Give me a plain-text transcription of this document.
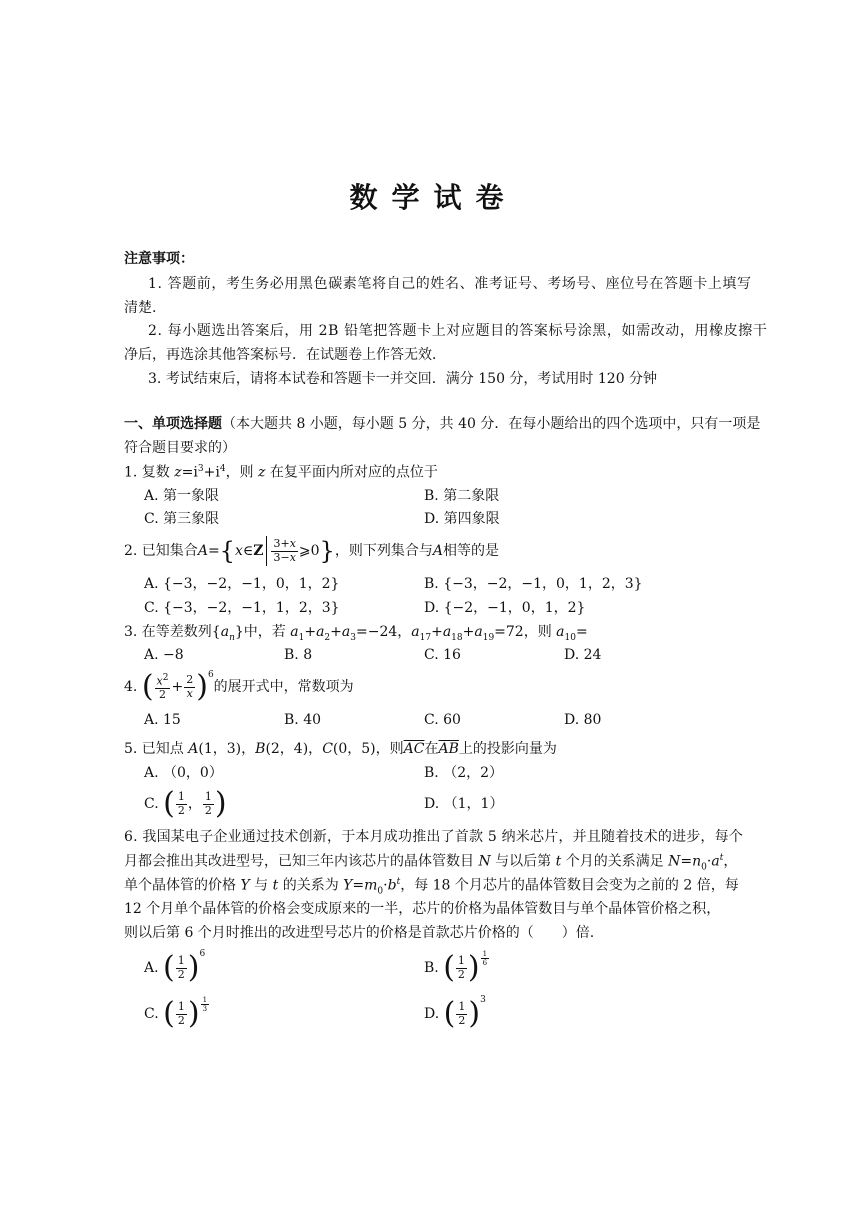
数学试卷
注意事项：
1. 答题前，考生务必用黑色碳素笔将自己的姓名、准考证号、考场号、座位号在答题卡上填写
清楚.
2. 每小题选出答案后，用 2B 铅笔把答题卡上对应题目的答案标号涂黑，如需改动，用橡皮擦干
净后，再选涂其他答案标号．在试题卷上作答无效．
3. 考试结束后，请将本试卷和答题卡一并交回．满分 150 分，考试用时 120 分钟
一、单项选择题（本大题共 8 小题，每小题 5 分，共 40 分．在每小题给出的四个选项中，只有一项是
符合题目要求的）
1. 复数 $z=i^3+i^4$，则 z 在复平面内所对应的点位于
A. 第一象限	B. 第二象限
C. 第三象限	D. 第四象限
2. 已知集合 A = { x ∈ Z $\frac{3+x}{3-x}$ ⩾0 } ，则下列集合与 A 相等的是
A. {−3，−2，−1，0，1，2}	B. {−3，−2，−1，0，1，2，3}
C. {−3，−2，−1，1，2，3}	D. {−2，−1，0，1，2}
3. 在等差数列$\{a_n\}$中，若 $a_1+a_2+a_3=-24$，$a_{17}+a_{18}+a_{19}=72$，则 $a_{10}=$
A. −8	B. 8	C. 16	D. 24
4.
( $\frac{x^2}{2} + \frac{2}{x} )^6$
的展开式中，常数项为
A. 15	B. 40	C. 60	D. 80
5. 已知点 A(1，3)，B(2，4)，C(0，5)，则$\overline{AC}$在$\overline{AB}$上的投影向量为
A. （0，0）	B. （2，2）
C.
( $\frac{1}{2}$ ， $\frac{1}{2}$ )	D. （1，1）
6. 我国某电子企业通过技术创新，于本月成功推出了首款 5 纳米芯片，并且随着技术的进步，每个
月都会推出其改进型号，已知三年内该芯片的晶体管数目 N 与以后第 t 个月的关系满足 $N=n_0\cdot a^t$，
单个晶体管的价格 Y 与 t 的关系为 $Y=m_0\cdot b^t$，每 18 个月芯片的晶体管数目会变为之前的 2 倍，每
12 个月单个晶体管的价格会变成原来的一半，芯片的价格为晶体管数目与单个晶体管价格之积，
则以后第 6 个月时推出的改进型号芯片的价格是首款芯片价格的（　　）倍.
A.
( $\frac{1}{2} )^6$
B.
( $\frac{1}{2}$ ) $\frac{1}{6}$
C.
( $\frac{1}{2}$ ) $\frac{1}{3}$
D.
( $\frac{1}{2} )^3$
